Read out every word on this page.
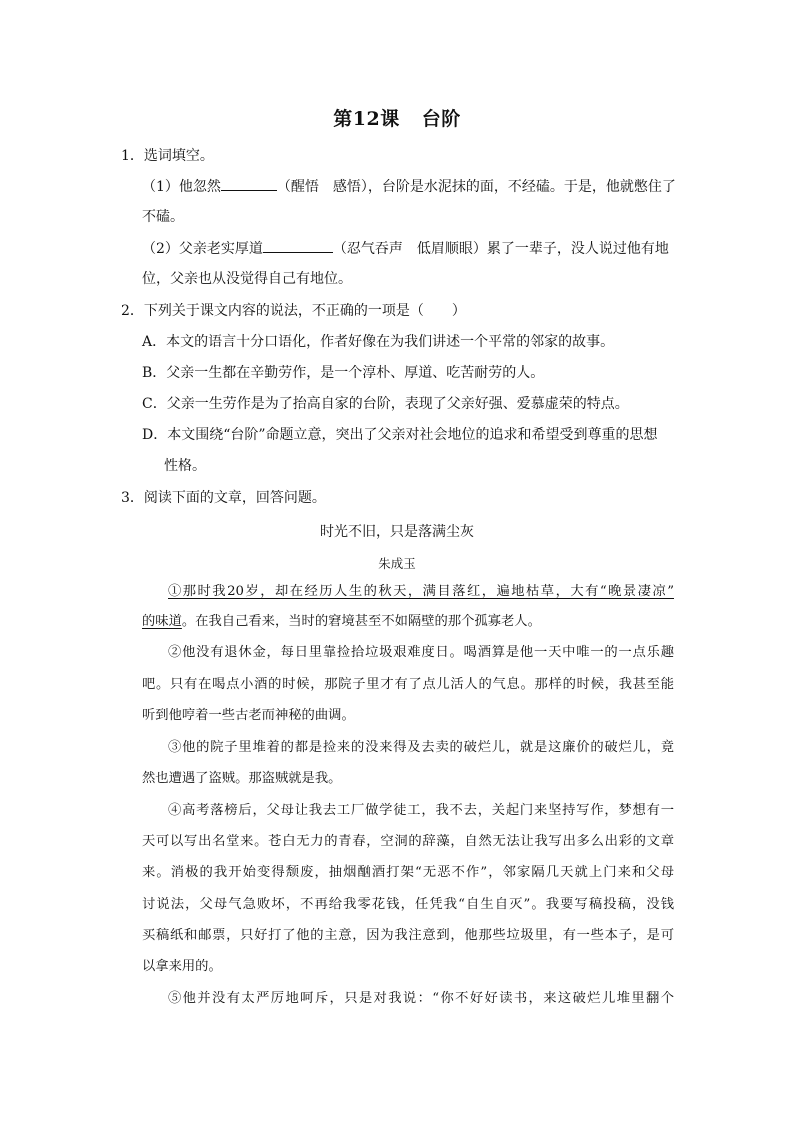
第12课 台阶
1．选词填空。
（1）他忽然	（醒悟　感悟），台阶是水泥抹的面，不经磕。于是，他就憋住了
不磕。
（2）父亲老实厚道	（忍气吞声　低眉顺眼）累了一辈子，没人说过他有地
位，父亲也从没觉得自己有地位。
2．下列关于课文内容的说法，不正确的一项是（　　）
A．本文的语言十分口语化，作者好像在为我们讲述一个平常的邻家的故事。
B．父亲一生都在辛勤劳作，是一个淳朴、厚道、吃苦耐劳的人。
C．父亲一生劳作是为了抬高自家的台阶，表现了父亲好强、爱慕虚荣的特点。
D．本文围绕“台阶”命题立意，突出了父亲对社会地位的追求和希望受到尊重的思想
性格。
3．阅读下面的文章，回答问题。
时光不旧，只是落满尘灰
朱成玉
①那时我20岁，却在经历人生的秋天，满目落红，遍地枯草，大有“晚景凄凉”
的味道。在我自己看来，当时的窘境甚至不如隔壁的那个孤寡老人。
②他没有退休金，每日里靠捡拾垃圾艰难度日。喝酒算是他一天中唯一的一点乐趣
吧。只有在喝点小酒的时候，那院子里才有了点儿活人的气息。那样的时候，我甚至能
听到他哼着一些古老而神秘的曲调。
③他的院子里堆着的都是捡来的没来得及去卖的破烂儿，就是这廉价的破烂儿，竟
然也遭遇了盗贼。那盗贼就是我。
④高考落榜后，父母让我去工厂做学徒工，我不去，关起门来坚持写作，梦想有一
天可以写出名堂来。苍白无力的青春，空洞的辞藻，自然无法让我写出多么出彩的文章
来。消极的我开始变得颓废，抽烟酗酒打架“无恶不作”，邻家隔几天就上门来和父母
讨说法，父母气急败坏，不再给我零花钱，任凭我“自生自灭”。我要写稿投稿，没钱
买稿纸和邮票，只好打了他的主意，因为我注意到，他那些垃圾里，有一些本子，是可
以拿来用的。
⑤他并没有太严厉地呵斥，只是对我说：“你不好好读书，来这破烂儿堆里翻个
